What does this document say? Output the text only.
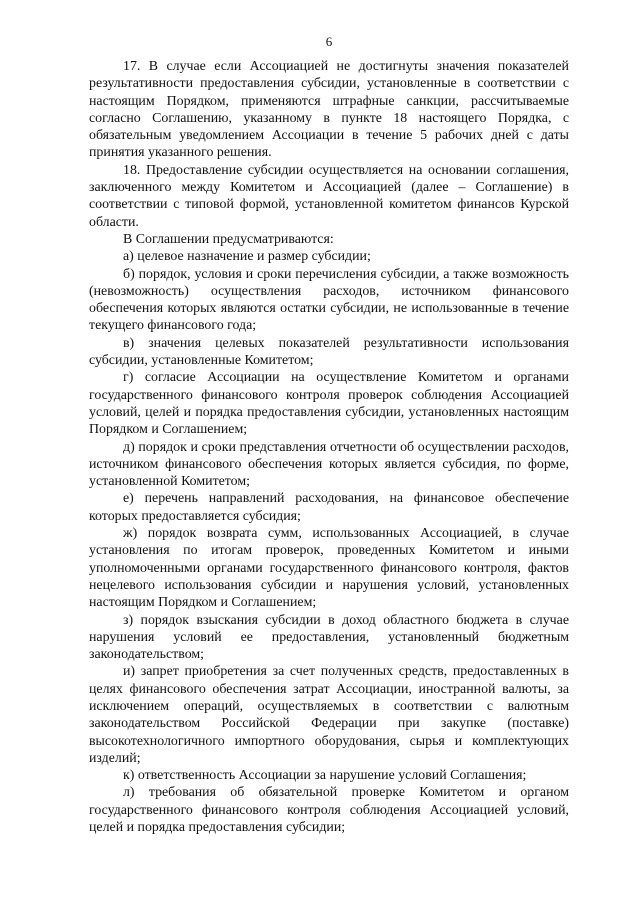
6

17. В случае если Ассоциацией не достигнуты значения показателей результативности предоставления субсидии, установленные в соответствии с настоящим Порядком, применяются штрафные санкции, рассчитываемые согласно Соглашению, указанному в пункте 18 настоящего Порядка, с обязательным уведомлением Ассоциации в течение 5 рабочих дней с даты принятия указанного решения.

18. Предоставление субсидии осуществляется на основании соглашения, заключенного между Комитетом и Ассоциацией (далее – Соглашение) в соответствии с типовой формой, установленной комитетом финансов Курской области.

В Соглашении предусматриваются:

а) целевое назначение и размер субсидии;

б) порядок, условия и сроки перечисления субсидии, а также возможность (невозможность) осуществления расходов, источником финансового обеспечения которых являются остатки субсидии, не использованные в течение текущего финансового года;

в) значения целевых показателей результативности использования субсидии, установленные Комитетом;

г) согласие Ассоциации на осуществление Комитетом и органами государственного финансового контроля проверок соблюдения Ассоциацией условий, целей и порядка предоставления субсидии, установленных настоящим Порядком и Соглашением;

д) порядок и сроки представления отчетности об осуществлении расходов, источником финансового обеспечения которых является субсидия, по форме, установленной Комитетом;

е) перечень направлений расходования, на финансовое обеспечение которых предоставляется субсидия;

ж) порядок возврата сумм, использованных Ассоциацией, в случае установления по итогам проверок, проведенных Комитетом и иными уполномоченными органами государственного финансового контроля, фактов нецелевого использования субсидии и нарушения условий, установленных настоящим Порядком и Соглашением;

з) порядок взыскания субсидии в доход областного бюджета в случае нарушения условий ее предоставления, установленный бюджетным законодательством;

и) запрет приобретения за счет полученных средств, предоставленных в целях финансового обеспечения затрат Ассоциации, иностранной валюты, за исключением операций, осуществляемых в соответствии с валютным законодательством Российской Федерации при закупке (поставке) высокотехнологичного импортного оборудования, сырья и комплектующих изделий;

к) ответственность Ассоциации за нарушение условий Соглашения;

л) требования об обязательной проверке Комитетом и органом государственного финансового контроля соблюдения Ассоциацией условий, целей и порядка предоставления субсидии;
